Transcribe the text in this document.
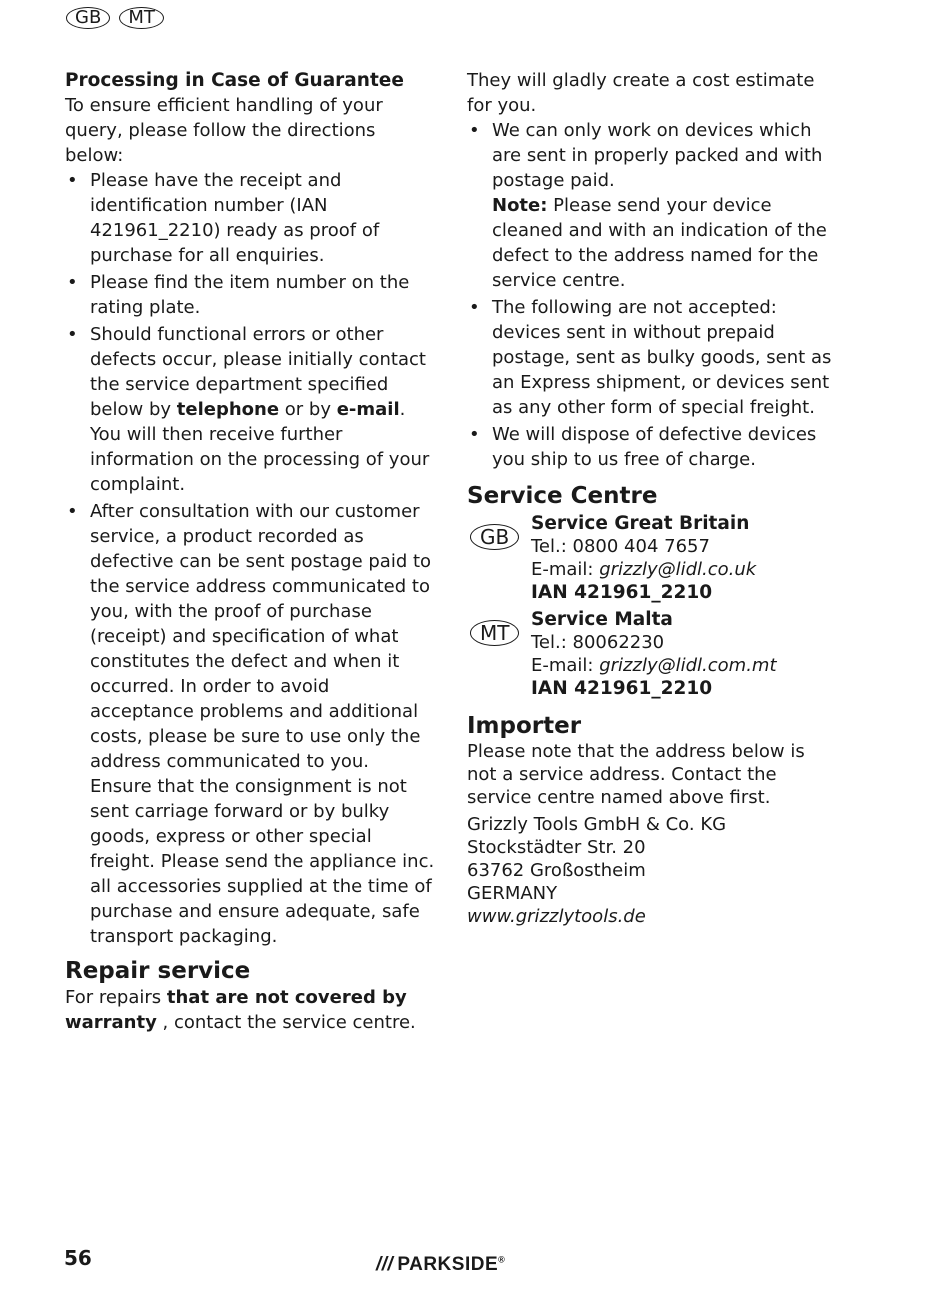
GB MT
Processing in Case of Guarantee

To ensure efficient handling of your query, please follow the directions below:

• Please have the receipt and identification number (IAN 421961_2210) ready as proof of purchase for all enquiries.
• Please find the item number on the rating plate.
• Should functional errors or other defects occur, please initially contact the service department specified below by telephone or by e-mail. You will then receive further information on the processing of your complaint.
• After consultation with our customer service, a product recorded as defective can be sent postage paid to the service address communicated to you, with the proof of purchase (receipt) and specification of what constitutes the defect and when it occurred. In order to avoid acceptance problems and additional costs, please be sure to use only the address communicated to you. Ensure that the consignment is not sent carriage forward or by bulky goods, express or other special freight. Please send the appliance inc. all accessories supplied at the time of purchase and ensure adequate, safe transport packaging.
Repair service

For repairs that are not covered by warranty , contact the service centre.

They will gladly create a cost estimate for you.

• We can only work on devices which are sent in properly packed and with postage paid.
Note: Please send your device cleaned and with an indication of the defect to the address named for the service centre.
• The following are not accepted: devices sent in without prepaid postage, sent as bulky goods, sent as an Express shipment, or devices sent as any other form of special freight.
• We will dispose of defective devices you ship to us free of charge.
Service Centre
GB
Service Great Britain
Tel.: 0800 404 7657
E-mail: grizzly@lidl.co.uk
IAN 421961_2210
MT
Service Malta
Tel.: 80062230
E-mail: grizzly@lidl.com.mt
IAN 421961_2210
Importer

Please note that the address below is not a service address. Contact the service centre named above first.

Grizzly Tools GmbH & Co. KG
Stockstädter Str. 20
63762 Großostheim
GERMANY
www.grizzlytools.de
56	/// PARKSIDE®
